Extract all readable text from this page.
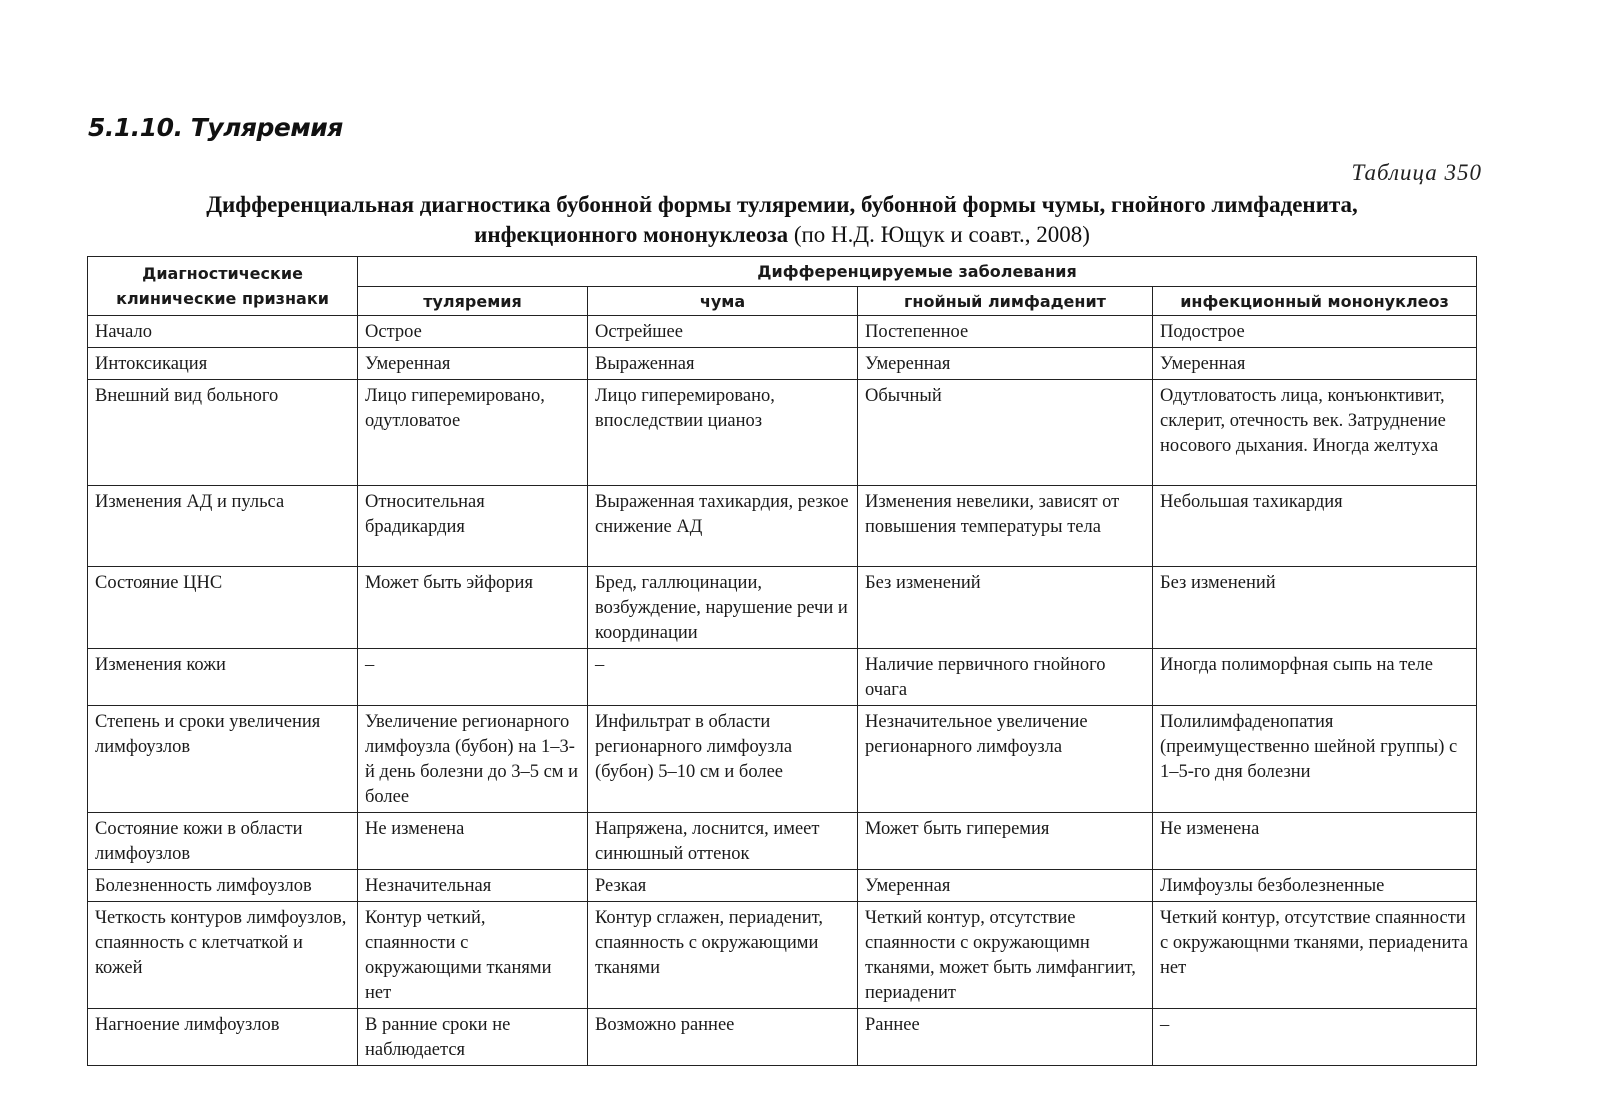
5.1.10. Туляремия
Таблица 350
Дифференциальная диагностика бубонной формы туляремии, бубонной формы чумы, гнойного лимфаденита,
инфекционного мононуклеоза (по Н.Д. Ющук и соавт., 2008)
Диагностические клинические признаки	Дифференцируемые заболевания			
	туляремия	чума	гнойный лимфаденит	инфекционный мононуклеоз
Начало	Острое	Острейшее	Постепенное	Подострое
Интоксикация	Умеренная	Выраженная	Умеренная	Умеренная
Внешний вид больного	Лицо гиперемировано, одутловатое	Лицо гиперемировано, впоследствии цианоз	Обычный	Одутловатость лица, конъюнктивит, склерит, отечность век. Затруднение носового дыхания. Иногда желтуха
Изменения АД и пульса	Относительная брадикардия	Выраженная тахикардия, резкое снижение АД	Изменения невелики, зависят от повышения температуры тела	Небольшая тахикардия
Состояние ЦНС	Может быть эйфория	Бред, галлюцинации, возбуждение, нарушение речи и координации	Без изменений	Без изменений
Изменения кожи	–	–	Наличие первичного гнойного очага	Иногда полиморфная сыпь на теле
Степень и сроки увеличения лимфоузлов	Увеличение регионарного лимфоузла (бубон) на 1–3-й день болезни до 3–5 см и более	Инфильтрат в области регионарного лимфоузла (бубон) 5–10 см и более	Незначительное увеличение регионарного лимфоузла	Полилимфаденопатия (преимущественно шейной группы) с 1–5-го дня болезни
Состояние кожи в области лимфоузлов	Не изменена	Напряжена, лоснится, имеет синюшный оттенок	Может быть гиперемия	Не изменена
Болезненность лимфоузлов	Незначительная	Резкая	Умеренная	Лимфоузлы безболезненные
Четкость контуров лимфоузлов, спаянность с клетчаткой и кожей	Контур четкий, спаянности с окружающими тканями нет	Контур сглажен, периаденит, спаянность с окружающими тканями	Четкий контур, отсутствие спаянности с окружающимн тканями, может быть лимфангиит, периаденит	Четкий контур, отсутствие спаянности с окружающнми тканями, периаденита нет
Нагноение лимфоузлов	В ранние сроки не наблюдается	Возможно раннее	Раннее	–
